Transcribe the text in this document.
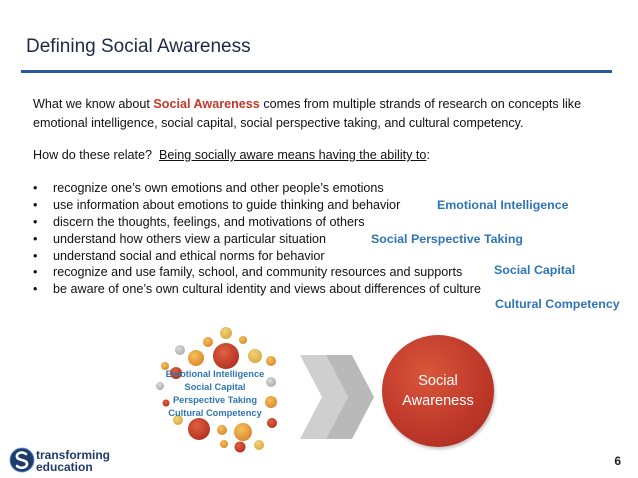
Defining Social Awareness
What we know about Social Awareness comes from multiple strands of research on concepts like emotional intelligence, social capital, social perspective taking, and cultural competency.
How do these relate?  Being socially aware means having the ability to:
• recognize one’s own emotions and other people’s emotions
• use information about emotions to guide thinking and behavior
• discern the thoughts, feelings, and motivations of others
• understand how others view a particular situation
• understand social and ethical norms for behavior
• recognize and use family, school, and community resources and supports
• be aware of one’s own cultural identity and views about differences of culture
Emotional Intelligence
Social Perspective Taking
Social Capital
Cultural Competency
Emotional Intelligence
Social Capital
Perspective Taking
Cultural Competency
Social
Awareness
transforming
education	6
